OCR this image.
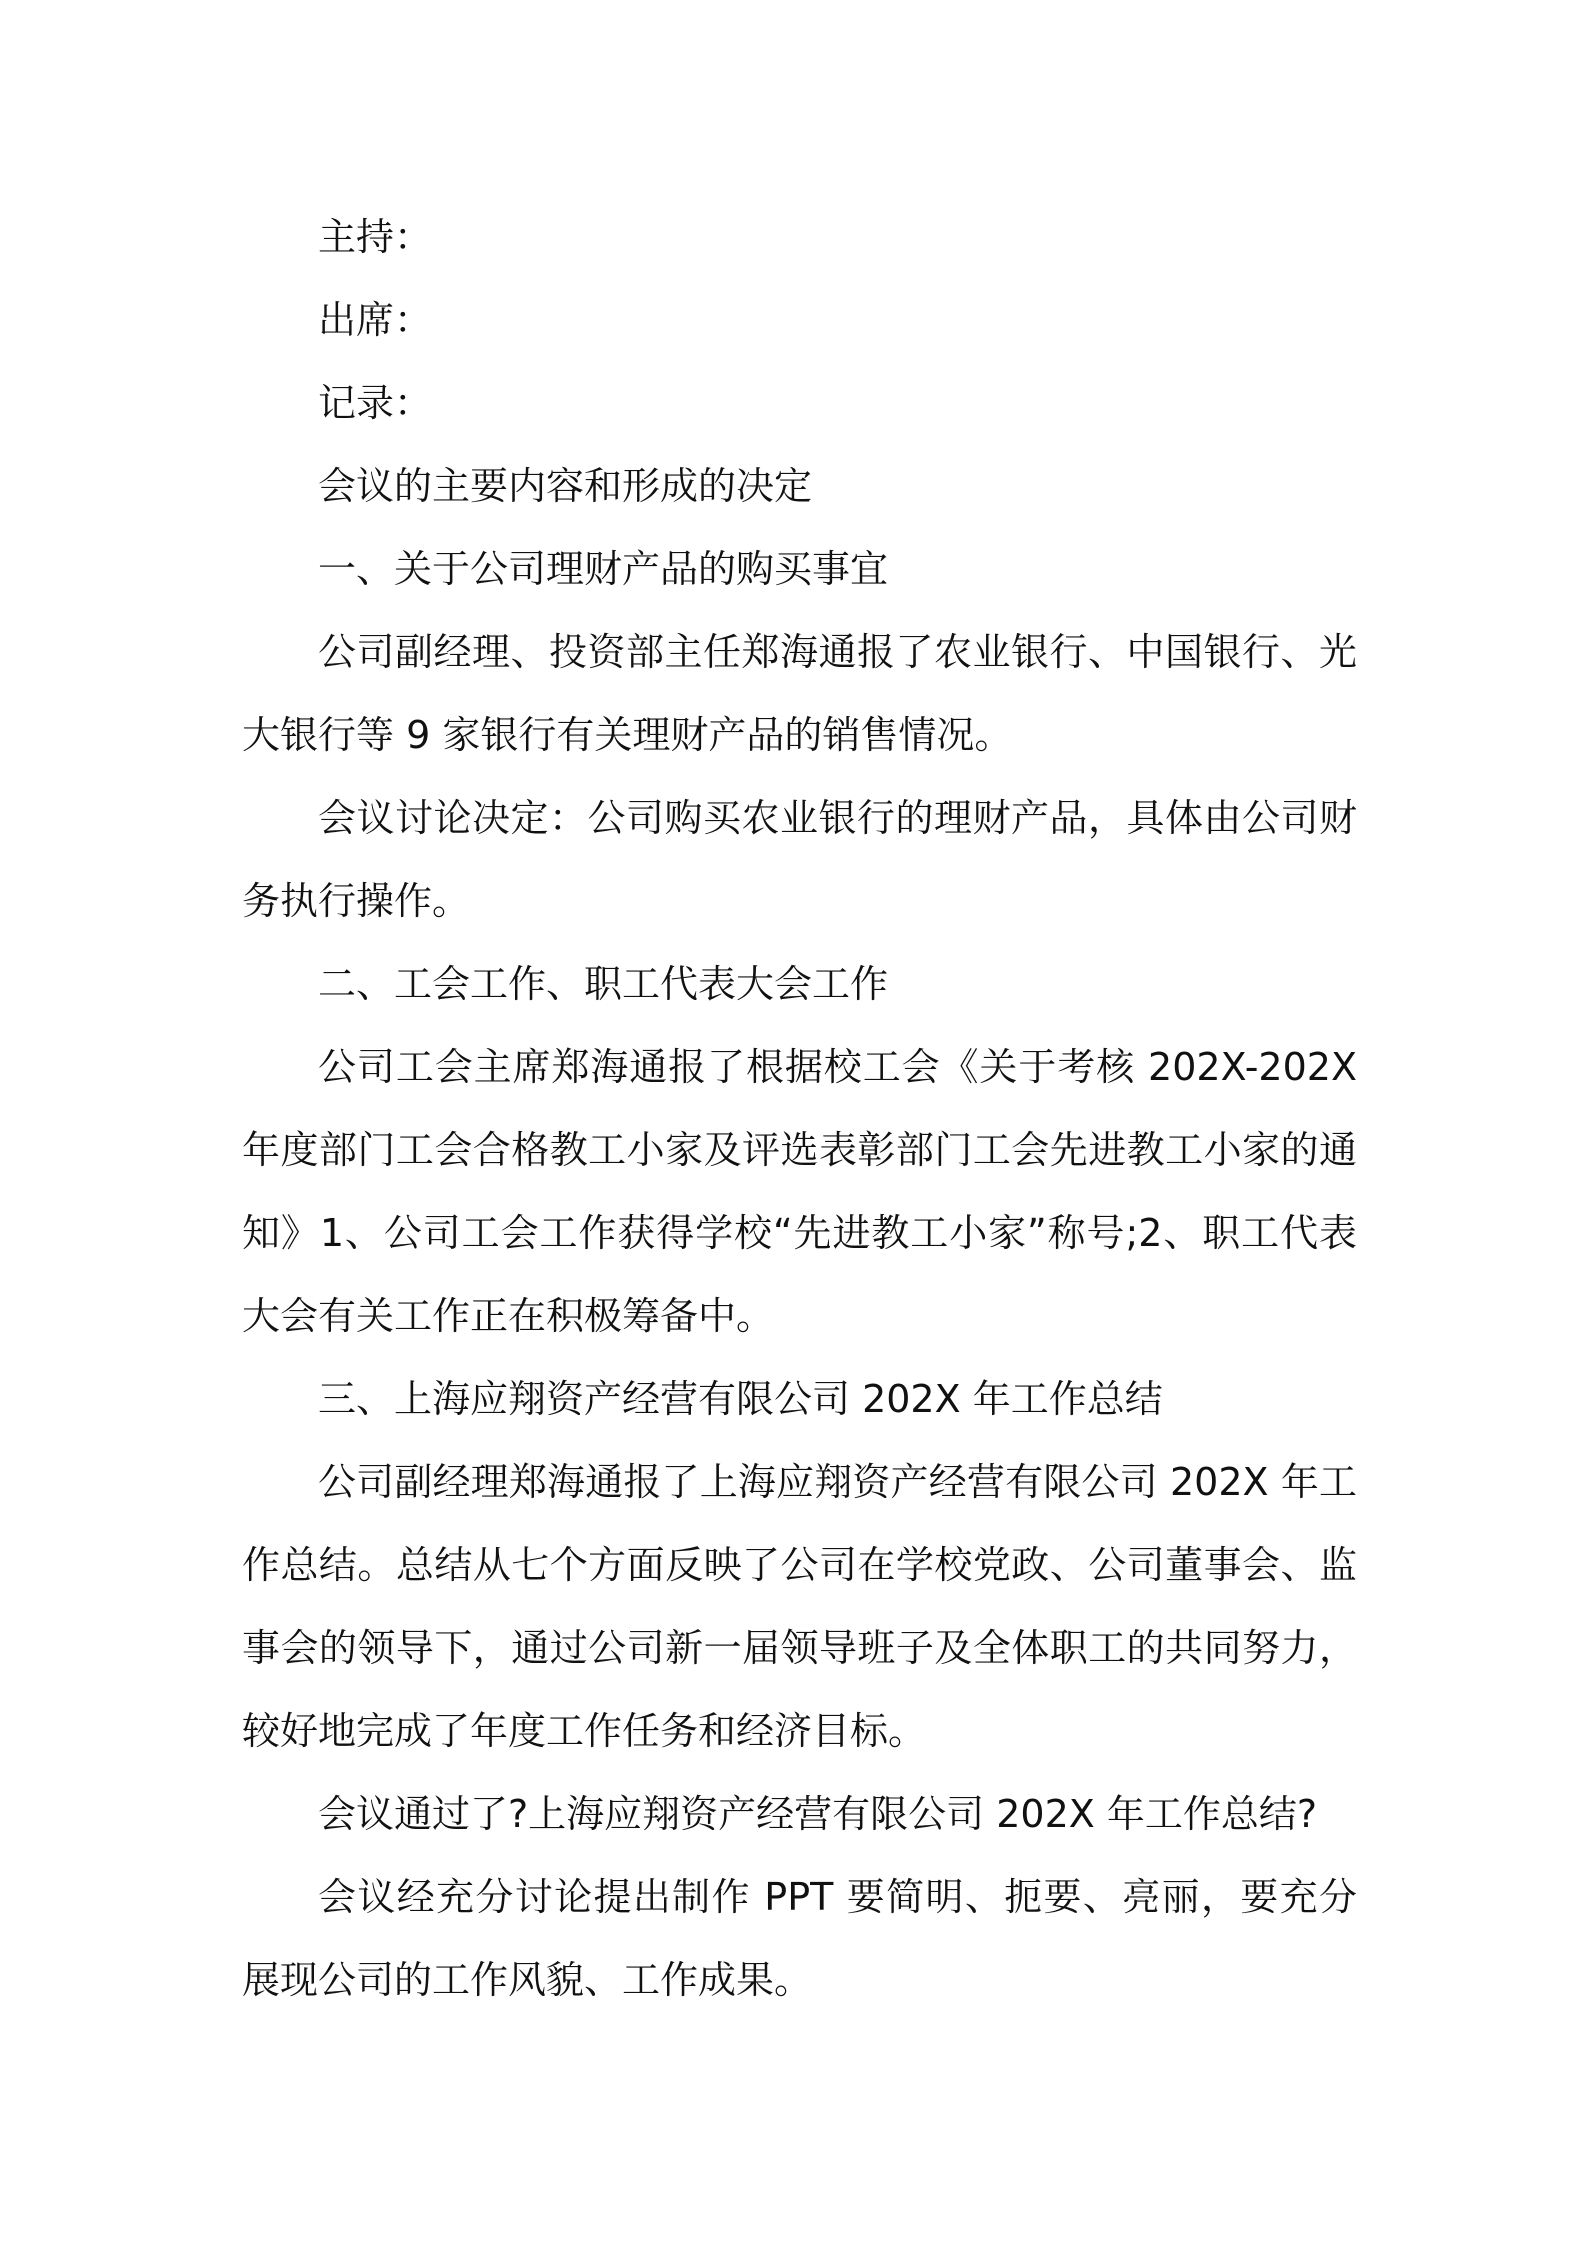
主持：

出席：

记录：

会议的主要内容和形成的决定

一、关于公司理财产品的购买事宜

公司副经理、投资部主任郑海通报了农业银行、中国银行、光大银行等 9 家银行有关理财产品的销售情况。

会议讨论决定：公司购买农业银行的理财产品，具体由公司财务执行操作。

二、工会工作、职工代表大会工作

公司工会主席郑海通报了根据校工会《关于考核 202X-202X 年度部门工会合格教工小家及评选表彰部门工会先进教工小家的通知》1、公司工会工作获得学校“先进教工小家”称号;2、职工代表大会有关工作正在积极筹备中。

三、上海应翔资产经营有限公司 202X 年工作总结

公司副经理郑海通报了上海应翔资产经营有限公司 202X 年工作总结。总结从七个方面反映了公司在学校党政、公司董事会、监事会的领导下，通过公司新一届领导班子及全体职工的共同努力，较好地完成了年度工作任务和经济目标。

会议通过了?上海应翔资产经营有限公司 202X 年工作总结?

会议经充分讨论提出制作 PPT 要简明、扼要、亮丽，要充分展现公司的工作风貌、工作成果。
